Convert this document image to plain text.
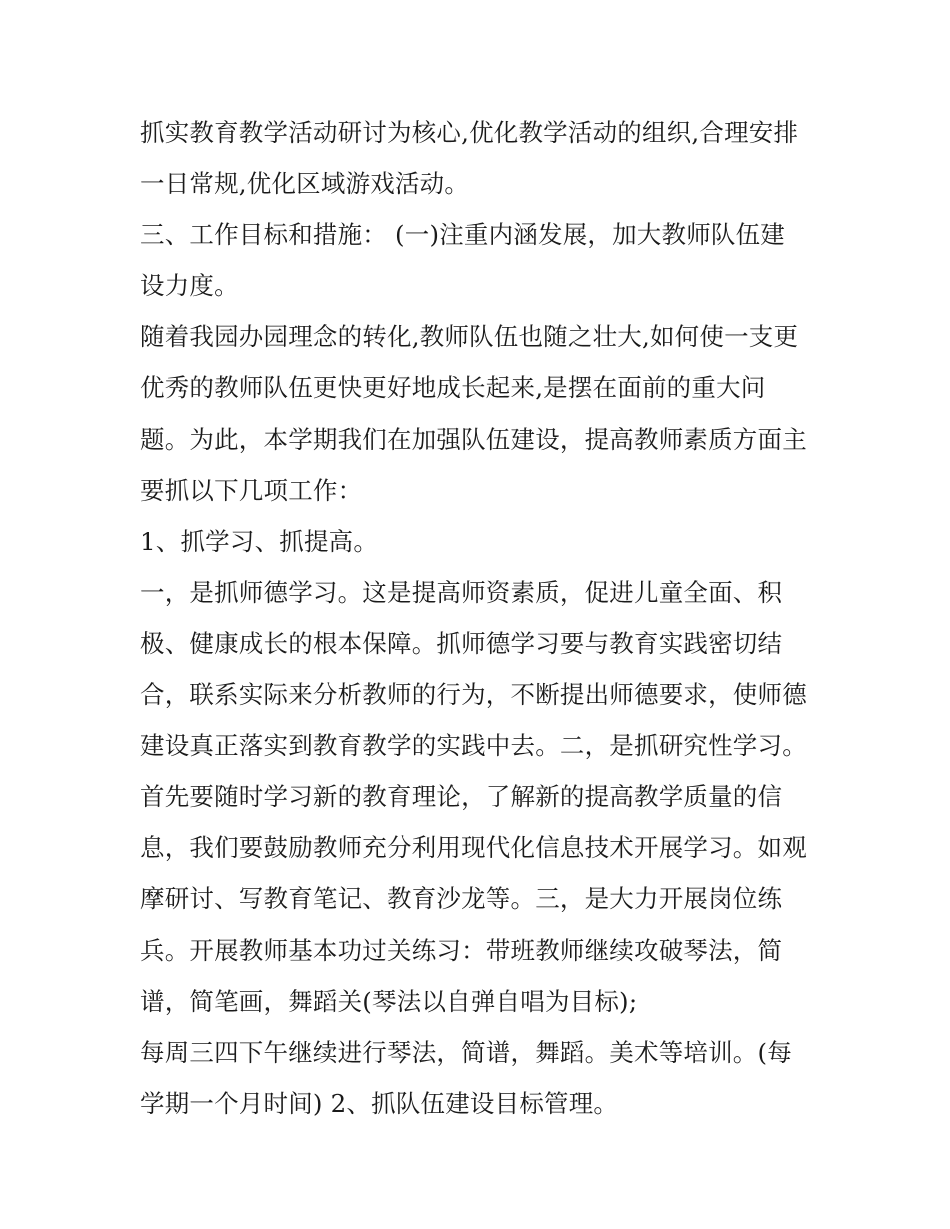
抓实教育教学活动研讨为核心,优化教学活动的组织,合理安排
一日常规,优化区域游戏活动。
三、工作目标和措施： (一)注重内涵发展，加大教师队伍建
设力度。
随着我园办园理念的转化,教师队伍也随之壮大,如何使一支更
优秀的教师队伍更快更好地成长起来,是摆在面前的重大问
题。为此，本学期我们在加强队伍建设，提高教师素质方面主
要抓以下几项工作：
1、抓学习、抓提高。
一，是抓师德学习。这是提高师资素质，促进儿童全面、积
极、健康成长的根本保障。抓师德学习要与教育实践密切结
合，联系实际来分析教师的行为，不断提出师德要求，使师德
建设真正落实到教育教学的实践中去。二，是抓研究性学习。
首先要随时学习新的教育理论，了解新的提高教学质量的信
息，我们要鼓励教师充分利用现代化信息技术开展学习。如观
摩研讨、写教育笔记、教育沙龙等。三，是大力开展岗位练
兵。开展教师基本功过关练习：带班教师继续攻破琴法，简
谱，简笔画，舞蹈关(琴法以自弹自唱为目标);
每周三四下午继续进行琴法，简谱，舞蹈。美术等培训。(每
学期一个月时间) 2、抓队伍建设目标管理。
